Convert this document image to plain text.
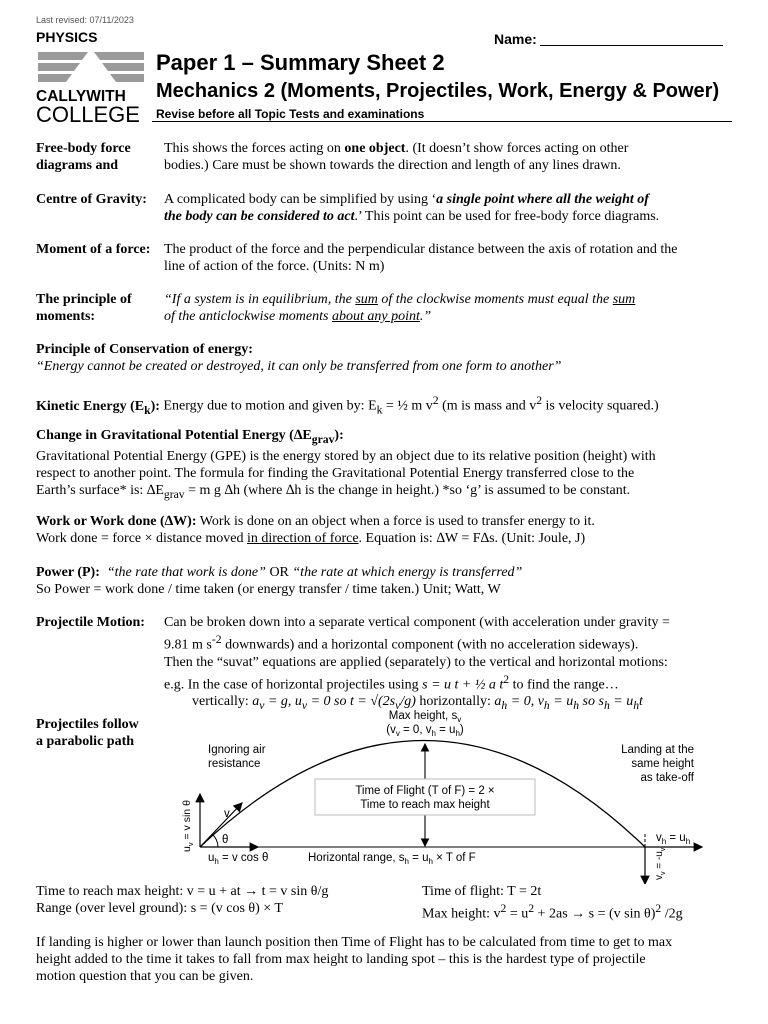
Last revised: 07/11/2023
PHYSICS	Name:
CALLYWITH
COLLEGE
Paper 1 – Summary Sheet 2
Mechanics 2 (Moments, Projectiles, Work, Energy & Power)
Revise before all Topic Tests and examinations
Free-body force
diagrams and
This shows the forces acting on one object. (It doesn’t show forces acting on other
bodies.) Care must be shown towards the direction and length of any lines drawn.
Centre of Gravity: A complicated body can be simplified by using ‘a single point where all the weight of
the body can be considered to act.’ This point can be used for free-body force diagrams.
Moment of a force: The product of the force and the perpendicular distance between the axis of rotation and the
line of action of the force. (Units: N m)
The principle of
moments:
“If a system is in equilibrium, the sum of the clockwise moments must equal the sum
of the anticlockwise moments about any point.”
Principle of Conservation of energy:
“Energy cannot be created or destroyed, it can only be transferred from one form to another”
Kinetic Energy $(E_k)$: Energy due to motion and given by: $E_k$ = ½ m $v^2$ (m is mass and $v^2$ is velocity squared.)
Change in Gravitational Potential Energy $(\Delta E_{grav})$:
Gravitational Potential Energy (GPE) is the energy stored by an object due to its relative position (height) with
respect to another point. The formula for finding the Gravitational Potential Energy transferred close to the
Earth’s surface* is: $\Delta E_{grav} = m$ g ∆h (where ∆h is the change in height.) *so ‘g’ is assumed to be constant.
Work or Work done (∆W): Work is done on an object when a force is used to transfer energy to it.
Work done = force × distance moved in direction of force. Equation is: ∆W = F∆s. (Unit: Joule, J)
Power (P): “the rate that work is done” OR “the rate at which energy is transferred”
So Power = work done / time taken (or energy transfer / time taken.) Unit; Watt, W
Projectile Motion: Can be broken down into a separate vertical component (with acceleration under gravity =
9.81 m $s^{-2}$ downwards) and a horizontal component (with no acceleration sideways).
Then the “suvat” equations are applied (separately) to the vertical and horizontal motions:
e.g. In the case of horizontal projectiles using s = u t + ½ a $t^2$ to find the range…
vertically: $a_v = g$, $u_v = 0$ so $t = √(2s_v/g)$ horizontally: $a_h = 0$, $v_h = u_h$ so $s_h = u_ht$
Projectiles follow
a parabolic path
Time of Flight (T of F) = 2 ×
Time to reach max height
Max height, $s_v$
($v_v = 0$, $v_h = u_h$)
Ignoring air
resistance
Landing at the
same height
as take-off
v
θ
$u_v = v$ sin θ
$u_h = v$ cos θ	Horizontal range, $s_h = u_h \times T$ of F
$v_h = u_h$
$v_v = -u_v$
Time to reach max height: v = u + at → t = v sin θ/g
Range (over level ground): s = (v cos θ) × T
Time of flight: T = 2t
Max height: $v^2 = u^2 + 2as \to s = (v$ sin θ)$^2$ /2g
If landing is higher or lower than launch position then Time of Flight has to be calculated from time to get to max
height added to the time it takes to fall from max height to landing spot – this is the hardest type of projectile
motion question that you can be given.
